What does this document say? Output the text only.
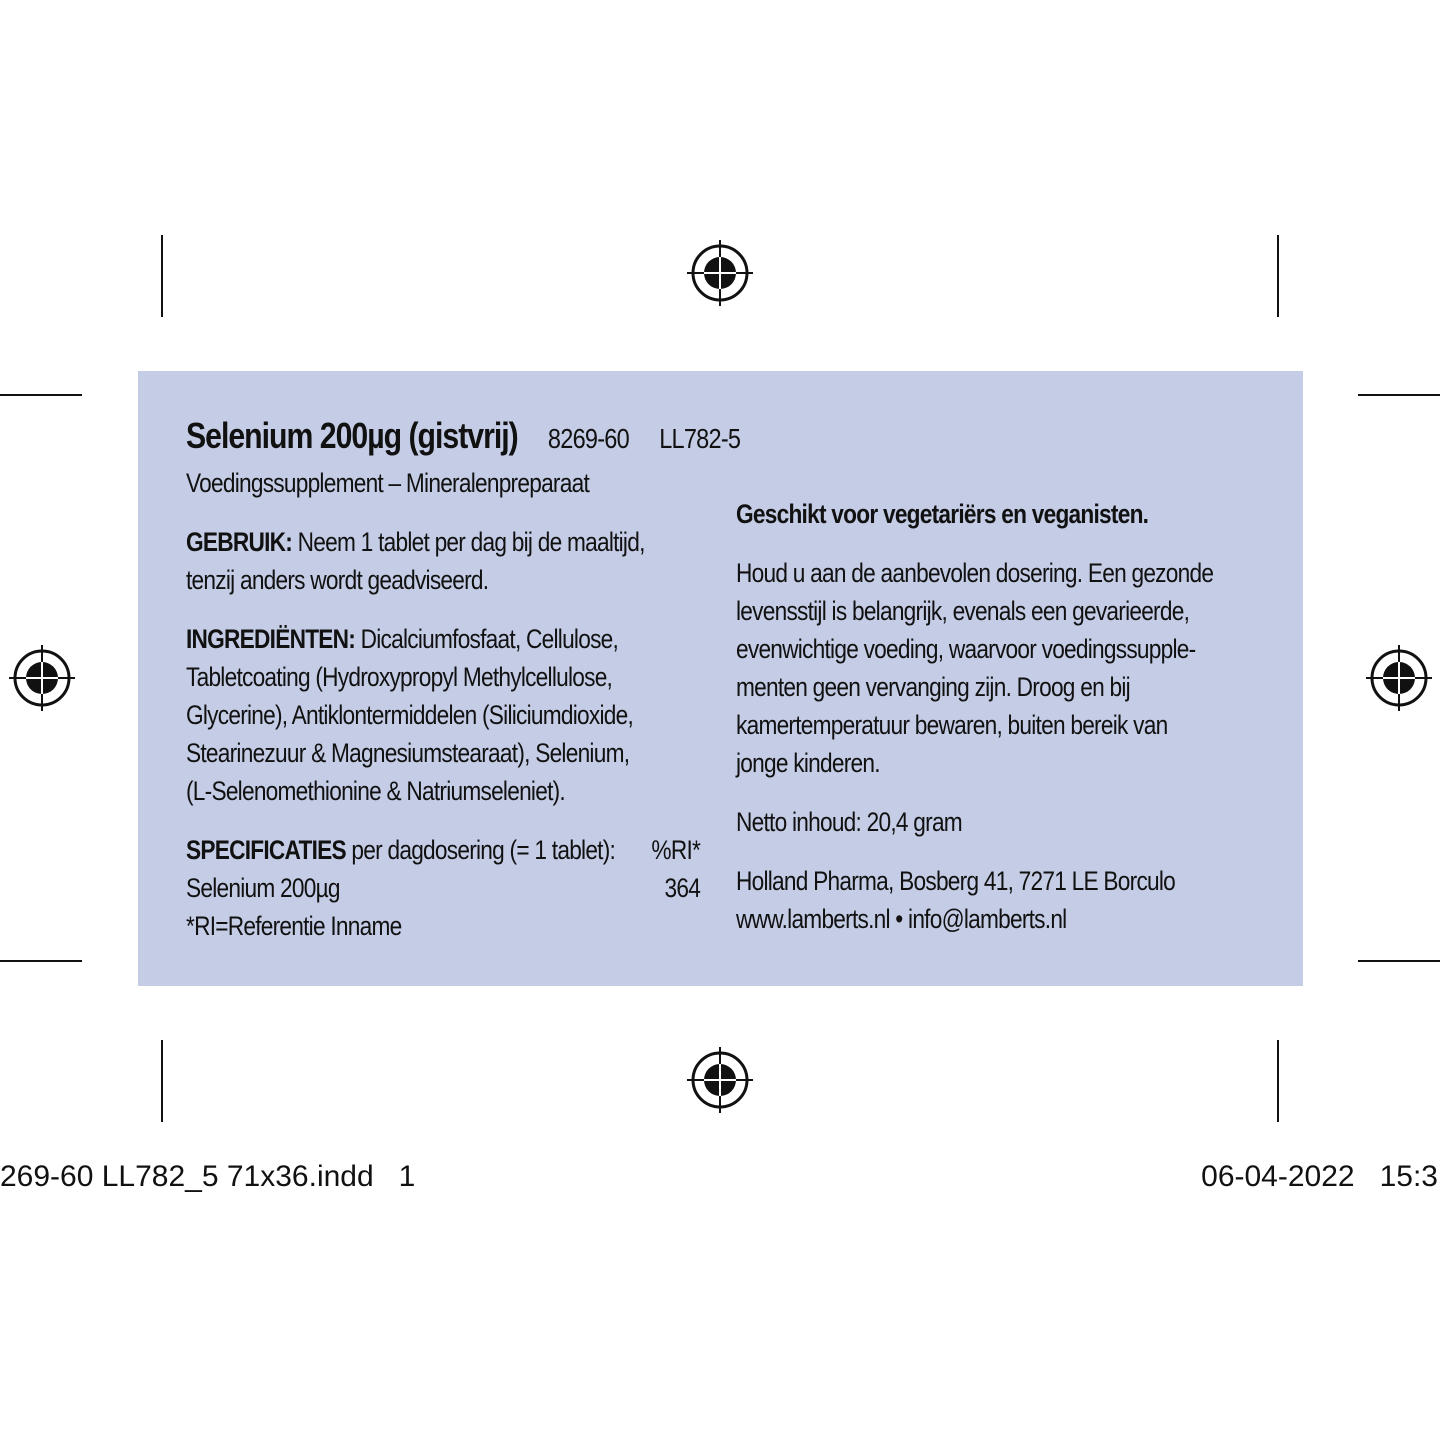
Selenium 200µg (gistvrij) 8269-60 LL782-5
Voedingssupplement – Mineralenpreparaat
GEBRUIK: Neem 1 tablet per dag bij de maaltijd,
tenzij anders wordt geadviseerd.
INGREDIËNTEN: Dicalciumfosfaat, Cellulose,
Tabletcoating (Hydroxypropyl Methylcellulose,
Glycerine), Antiklontermiddelen (Siliciumdioxide,
Stearinezuur & Magnesiumstearaat), Selenium,
(L-Selenomethionine & Natriumseleniet).
SPECIFICATIES per dagdosering (= 1 tablet): %RI*
Selenium 200µg	364
*RI=Referentie Inname
Geschikt voor vegetariërs en veganisten.
Houd u aan de aanbevolen dosering. Een gezonde
levensstijl is belangrijk, evenals een gevarieerde,
evenwichtige voeding, waarvoor voedingssupple-
menten geen vervanging zijn. Droog en bij
kamertemperatuur bewaren, buiten bereik van
jonge kinderen.
Netto inhoud: 20,4 gram
Holland Pharma, Bosberg 41, 7271 LE Borculo
www.lamberts.nl • info@lamberts.nl
269-60 LL782_5 71x36.indd   1	06-04-2022   15:3
